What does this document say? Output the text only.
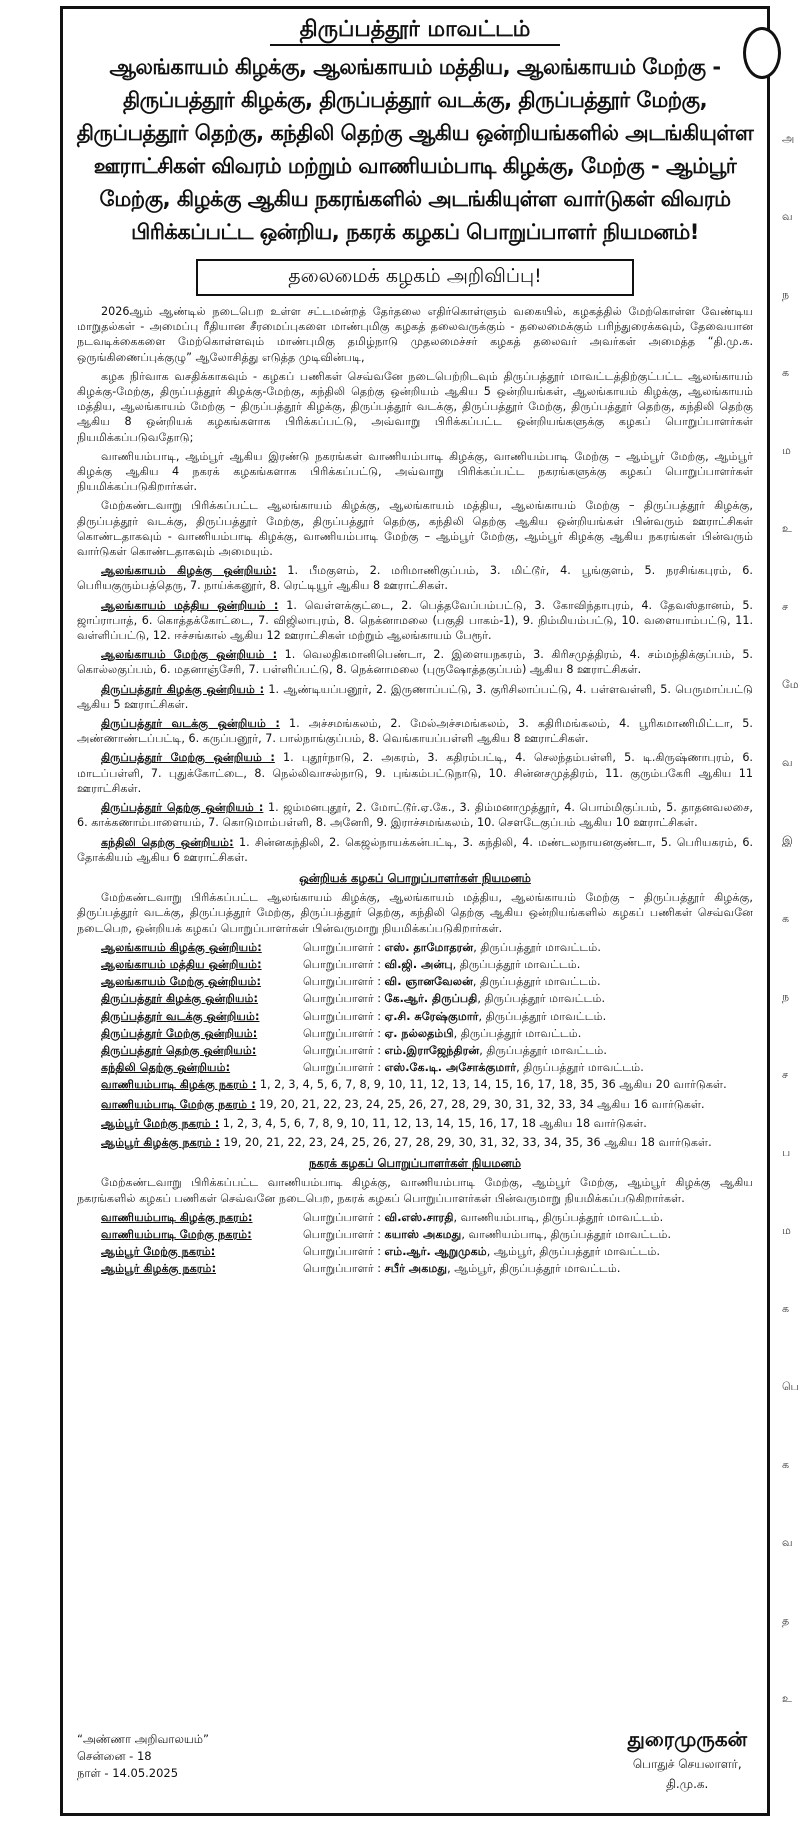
திருப்பத்தூர் மாவட்டம்
ஆலங்காயம் கிழக்கு, ஆலங்காயம் மத்திய, ஆலங்காயம் மேற்கு - திருப்பத்தூர் கிழக்கு, திருப்பத்தூர் வடக்கு, திருப்பத்தூர் மேற்கு, திருப்பத்தூர் தெற்கு, கந்திலி தெற்கு ஆகிய ஒன்றியங்களில் அடங்கியுள்ள ஊராட்சிகள் விவரம் மற்றும் வாணியம்பாடி கிழக்கு, மேற்கு - ஆம்பூர் மேற்கு, கிழக்கு ஆகிய நகரங்களில் அடங்கியுள்ள வார்டுகள் விவரம் பிரிக்கப்பட்ட ஒன்றிய, நகரக் கழகப் பொறுப்பாளர் நியமனம்!
தலைமைக் கழகம் அறிவிப்பு!

2026ஆம் ஆண்டில் நடைபெற உள்ள சட்டமன்றத் தேர்தலை எதிர்கொள்ளும் வகையில், கழகத்தில் மேற்கொள்ள வேண்டிய மாறுதல்கள் - அமைப்பு ரீதியான சீரமைப்புகளை மாண்புமிகு கழகத் தலைவருக்கும் - தலைமைக்கும் பரிந்துரைக்கவும், தேவையான நடவடிக்கைகளை மேற்கொள்ளவும் மாண்புமிகு தமிழ்நாடு முதலமைச்சர் கழகத் தலைவர் அவர்கள் அமைத்த “தி.மு.க. ஒருங்கிணைப்புக்குழு” ஆலோசித்து எடுத்த முடிவின்படி,

கழக நிர்வாக வசதிக்காகவும் - கழகப் பணிகள் செவ்வனே நடைபெற்றிடவும் திருப்பத்தூர் மாவட்டத்திற்குட்பட்ட ஆலங்காயம் கிழக்கு-மேற்கு, திருப்பத்தூர் கிழக்கு-மேற்கு, கந்திலி தெற்கு ஒன்றியம் ஆகிய 5 ஒன்றியங்கள், ஆலங்காயம் கிழக்கு, ஆலங்காயம் மத்திய, ஆலங்காயம் மேற்கு – திருப்பத்தூர் கிழக்கு, திருப்பத்தூர் வடக்கு, திருப்பத்தூர் மேற்கு, திருப்பத்தூர் தெற்கு, கந்திலி தெற்கு ஆகிய 8 ஒன்றியக் கழகங்களாக பிரிக்கப்பட்டு, அவ்வாறு பிரிக்கப்பட்ட ஒன்றியங்களுக்கு கழகப் பொறுப்பாளர்கள் நியமிக்கப்படுவதோடு;

வாணியம்பாடி, ஆம்பூர் ஆகிய இரண்டு நகரங்கள் வாணியம்பாடி கிழக்கு, வாணியம்பாடி மேற்கு – ஆம்பூர் மேற்கு, ஆம்பூர் கிழக்கு ஆகிய 4 நகரக் கழகங்களாக பிரிக்கப்பட்டு, அவ்வாறு பிரிக்கப்பட்ட நகரங்களுக்கு கழகப் பொறுப்பாளர்கள் நியமிக்கப்படுகிறார்கள்.

மேற்கண்டவாறு பிரிக்கப்பட்ட ஆலங்காயம் கிழக்கு, ஆலங்காயம் மத்திய, ஆலங்காயம் மேற்கு – திருப்பத்தூர் கிழக்கு, திருப்பத்தூர் வடக்கு, திருப்பத்தூர் மேற்கு, திருப்பத்தூர் தெற்கு, கந்திலி தெற்கு ஆகிய ஒன்றியங்கள் பின்வரும் ஊராட்சிகள் கொண்டதாகவும் - வாணியம்பாடி கிழக்கு, வாணியம்பாடி மேற்கு – ஆம்பூர் மேற்கு, ஆம்பூர் கிழக்கு ஆகிய நகரங்கள் பின்வரும் வார்டுகள் கொண்டதாகவும் அமையும்.

ஆலங்காயம் கிழக்கு ஒன்றியம்: 1. பீமகுளம், 2. மரிமாணிகுப்பம், 3. மிட்டூர், 4. பூங்குளம், 5. நரசிங்கபுரம், 6. பெரியகுரும்பத்தெரு, 7. நாய்க்கனூர், 8. ரெட்டியூர் ஆகிய 8 ஊராட்சிகள்.

ஆலங்காயம் மத்திய ஒன்றியம் : 1. வெள்ளக்குட்டை, 2. பெத்தவேப்பம்பட்டு, 3. கோவிந்தாபுரம், 4. தேவஸ்தானம், 5. ஜாப்ராபாத், 6. கொத்தக்கோட்டை, 7. விஜிலாபுரம், 8. நெக்னாமலை (பகுதி பாகம்-1), 9. நிம்மியம்பட்டு, 10. வளையாம்பட்டு, 11. வள்ளிப்பட்டு, 12. ஈச்சங்கால் ஆகிய 12 ஊராட்சிகள் மற்றும் ஆலங்காயம் பேரூர்.

ஆலங்காயம் மேற்கு ஒன்றியம் : 1. வெலதிகமானிபெண்டா, 2. இளையநகரம், 3. கிரிசமுத்திரம், 4. சம்மந்திக்குப்பம், 5. கொல்லகுப்பம், 6. மதனாஞ்சேரி, 7. பள்ளிப்பட்டு, 8. நெக்னாமலை (புருஷோத்தகுப்பம்) ஆகிய 8 ஊராட்சிகள்.

திருப்பத்தூர் கிழக்கு ஒன்றியம் : 1. ஆண்டியப்பனூர், 2. இருணாப்பட்டு, 3. குரிசிலாப்பட்டு, 4. பள்ளவள்ளி, 5. பெருமாப்பட்டு ஆகிய 5 ஊராட்சிகள்.

திருப்பத்தூர் வடக்கு ஒன்றியம் : 1. அச்சமங்கலம், 2. மேல்அச்சமங்கலம், 3. கதிரிமங்கலம், 4. பூரிகமாணிமிட்டா, 5. அண்ணாண்டப்பட்டி, 6. கருப்பனூர், 7. பால்நாங்குப்பம், 8. வெங்காயப்பள்ளி ஆகிய 8 ஊராட்சிகள்.

திருப்பத்தூர் மேற்கு ஒன்றியம் : 1. புதூர்நாடு, 2. அகரம், 3. கதிரம்பட்டி, 4. செலந்தம்பள்ளி, 5. டி.கிருஷ்ணாபுரம், 6. மாடப்பள்ளி, 7. புதுக்கோட்டை, 8. நெல்லிவாசல்நாடு, 9. புங்கம்பட்டுநாடு, 10. சின்னசமுத்திரம், 11. குரும்பகேரி ஆகிய 11 ஊராட்சிகள்.

திருப்பத்தூர் தெற்கு ஒன்றியம் : 1. ஜம்மனபுதூர், 2. மோட்டூர்.ஏ.கே., 3. திம்மனாமுத்தூர், 4. பொம்மிகுப்பம், 5. தாதனவலசை, 6. காக்கணாம்பாளையம், 7. கொடுமாம்பள்ளி, 8. அனேரி, 9. இராச்சமங்கலம், 10. சௌடேகுப்பம் ஆகிய 10 ஊராட்சிகள்.

கந்திலி தெற்கு ஒன்றியம்: 1. சின்னகந்திலி, 2. கெஜல்நாயக்கன்பட்டி, 3. கந்திலி, 4. மண்டலநாயனகுண்டா, 5. பெரியகரம், 6. தோக்கியம் ஆகிய 6 ஊராட்சிகள்.

ஒன்றியக் கழகப் பொறுப்பாளர்கள் நியமனம்

மேற்கண்டவாறு பிரிக்கப்பட்ட ஆலங்காயம் கிழக்கு, ஆலங்காயம் மத்திய, ஆலங்காயம் மேற்கு – திருப்பத்தூர் கிழக்கு, திருப்பத்தூர் வடக்கு, திருப்பத்தூர் மேற்கு, திருப்பத்தூர் தெற்கு, கந்திலி தெற்கு ஆகிய ஒன்றியங்களில் கழகப் பணிகள் செவ்வனே நடைபெற, ஒன்றியக் கழகப் பொறுப்பாளர்கள் பின்வருமாறு நியமிக்கப்படுகிறார்கள்.

ஆலங்காயம் கிழக்கு ஒன்றியம்:	பொறுப்பாளர் : எஸ். தாமோதரன், திருப்பத்தூர் மாவட்டம்.
ஆலங்காயம் மத்திய ஒன்றியம்:	பொறுப்பாளர் : வி.ஜி. அன்பு, திருப்பத்தூர் மாவட்டம்.
ஆலங்காயம் மேற்கு ஒன்றியம்:	பொறுப்பாளர் : வி. ஞானவேலன், திருப்பத்தூர் மாவட்டம்.
திருப்பத்தூர் கிழக்கு ஒன்றியம்:	பொறுப்பாளர் : கே.ஆர். திருப்பதி, திருப்பத்தூர் மாவட்டம்.
திருப்பத்தூர் வடக்கு ஒன்றியம்:	பொறுப்பாளர் : ஏ.சி. சுரேஷ்குமார், திருப்பத்தூர் மாவட்டம்.
திருப்பத்தூர் மேற்கு ஒன்றியம்:	பொறுப்பாளர் : ஏ. நல்லதம்பி, திருப்பத்தூர் மாவட்டம்.
திருப்பத்தூர் தெற்கு ஒன்றியம்:	பொறுப்பாளர் : எம்.இராஜேந்திரன், திருப்பத்தூர் மாவட்டம்.
கந்திலி தெற்கு ஒன்றியம்:	பொறுப்பாளர் : எஸ்.கே.டி. அசோக்குமார், திருப்பத்தூர் மாவட்டம்.

வாணியம்பாடி கிழக்கு நகரம் : 1, 2, 3, 4, 5, 6, 7, 8, 9, 10, 11, 12, 13, 14, 15, 16, 17, 18, 35, 36 ஆகிய 20 வார்டுகள்.

வாணியம்பாடி மேற்கு நகரம் : 19, 20, 21, 22, 23, 24, 25, 26, 27, 28, 29, 30, 31, 32, 33, 34 ஆகிய 16 வார்டுகள்.

ஆம்பூர் மேற்கு நகரம் : 1, 2, 3, 4, 5, 6, 7, 8, 9, 10, 11, 12, 13, 14, 15, 16, 17, 18 ஆகிய 18 வார்டுகள்.

ஆம்பூர் கிழக்கு நகரம் : 19, 20, 21, 22, 23, 24, 25, 26, 27, 28, 29, 30, 31, 32, 33, 34, 35, 36 ஆகிய 18 வார்டுகள்.

நகரக் கழகப் பொறுப்பாளர்கள் நியமனம்

மேற்கண்டவாறு பிரிக்கப்பட்ட வாணியம்பாடி கிழக்கு, வாணியம்பாடி மேற்கு, ஆம்பூர் மேற்கு, ஆம்பூர் கிழக்கு ஆகிய நகரங்களில் கழகப் பணிகள் செவ்வனே நடைபெற, நகரக் கழகப் பொறுப்பாளர்கள் பின்வருமாறு நியமிக்கப்படுகிறார்கள்.

வாணியம்பாடி கிழக்கு நகரம்:	பொறுப்பாளர் : வி.எஸ்.சாரதி, வாணியம்பாடி, திருப்பத்தூர் மாவட்டம்.
வாணியம்பாடி மேற்கு நகரம்:	பொறுப்பாளர் : கயாஸ் அகமது, வாணியம்பாடி, திருப்பத்தூர் மாவட்டம்.
ஆம்பூர் மேற்கு நகரம்:	பொறுப்பாளர் : எம்.ஆர். ஆறுமுகம், ஆம்பூர், திருப்பத்தூர் மாவட்டம்.
ஆம்பூர் கிழக்கு நகரம்:	பொறுப்பாளர் : சபீர் அகமது, ஆம்பூர், திருப்பத்தூர் மாவட்டம்.
“அண்ணா அறிவாலயம்”
சென்னை - 18
நாள் - 14.05.2025
துரைமுருகன்
பொதுச் செயலாளர்,
தி.மு.க.
அ
வ
ந
க
ம
உ
ச
மே
வ
இ
க
ந
ச
ப
ம
க
பெ
க
வ
த
உ
